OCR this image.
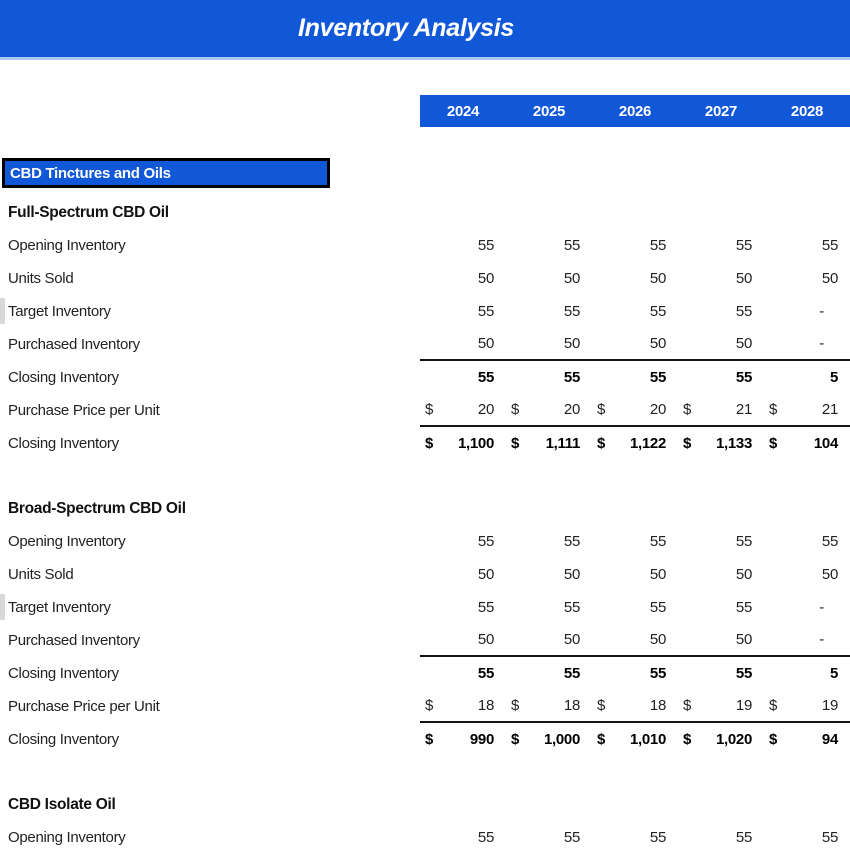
Inventory Analysis
2024	2025	2026	2027	2028
CBD Tinctures and Oils
Full-Spectrum CBD Oil
Opening Inventory	55	55	55	55	55
Units Sold	50	50	50	50	50
Target Inventory	55	55	55	55	-
Purchased Inventory	50	50	50	50	-
Closing Inventory	55	55	55	55	5
Purchase Price per Unit	$	20	$	20	$	20	$	21	$	21
Closing Inventory	$ 1,100	$ 1,111	$ 1,122	$ 1,133	$ 104
Broad-Spectrum CBD Oil
Opening Inventory	55	55	55	55	55
Units Sold	50	50	50	50	50
Target Inventory	55	55	55	55	-
Purchased Inventory	50	50	50	50	-
Closing Inventory	55	55	55	55	5
Purchase Price per Unit	$	18	$	18	$	18	$	19	$	19
Closing Inventory	$ 990	$ 1,000	$ 1,010	$ 1,020	$	94
CBD Isolate Oil
Opening Inventory	55	55	55	55	55
